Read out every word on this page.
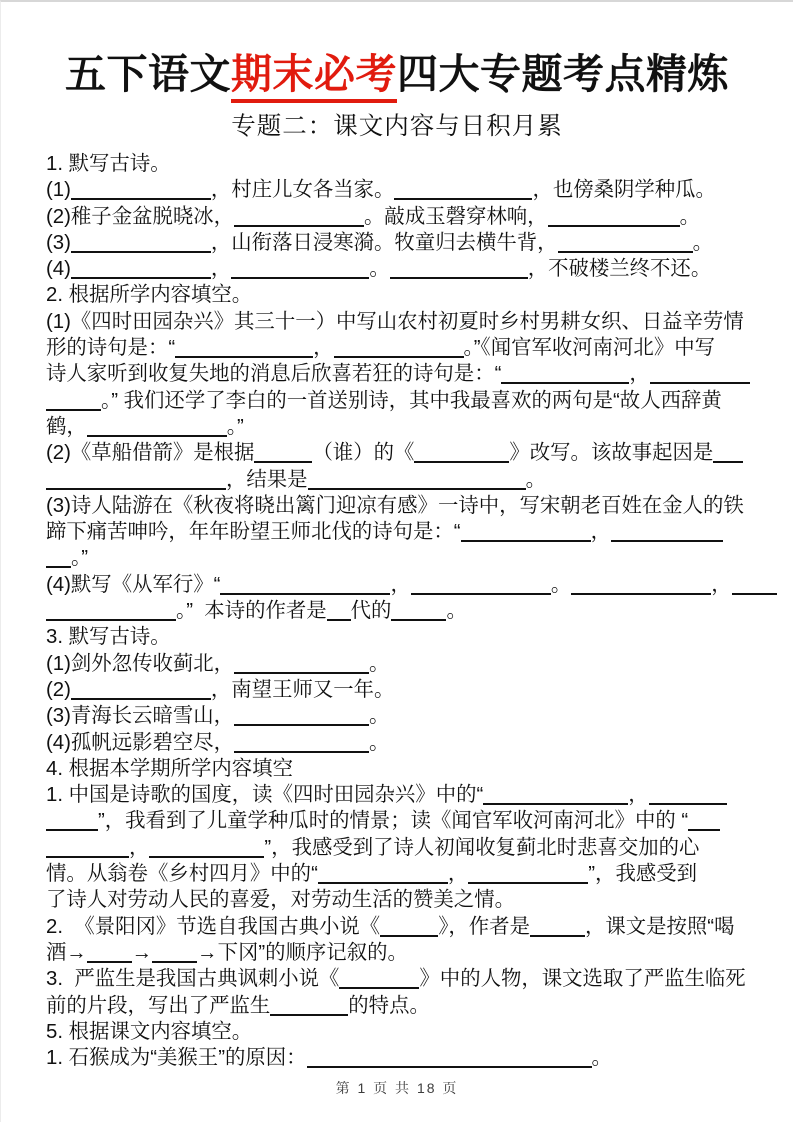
五下语文期末必考四大专题考点精炼
专题二：课文内容与日积月累
1. 默写古诗。
(1)	，村庄儿女各当家。	，也傍桑阴学种瓜。
(2)稚子金盆脱晓冰，	。敲成玉磬穿林响，	。
(3)	，山衔落日浸寒漪。牧童归去横牛背，	。
(4)	，	。	，不破楼兰终不还。
2. 根据所学内容填空。
(1)《四时田园杂兴》其三十一）中写山农村初夏时乡村男耕女织、日益辛劳情
形的诗句是：“	，	。”《闻官军收河南河北》中写
诗人家听到收复失地的消息后欣喜若狂的诗句是：“	，
。” 我们还学了李白的一首送别诗，其中我最喜欢的两句是“故人西辞黄
鹤，	。”
(2)《草船借箭》是根据	（谁）的《	》改写。该故事起因是
，结果是	。
(3)诗人陆游在《秋夜将晓出篱门迎凉有感》一诗中，写宋朝老百姓在金人的铁
蹄下痛苦呻吟，年年盼望王师北伐的诗句是：“	，
。”
(4)默写《从军行》“	，	。	，
。”  本诗的作者是 代的	。
3. 默写古诗。
(1)剑外忽传收蓟北，	。
(2)	，南望王师又一年。
(3)青海长云暗雪山，	。
(4)孤帆远影碧空尽，	。
4. 根据本学期所学内容填空
1. 中国是诗歌的国度，读《四时田园杂兴》中的“	，
”，我看到了儿童学种瓜时的情景；读《闻官军收河南河北》中的 “
，	”，我感受到了诗人初闻收复蓟北时悲喜交加的心
情。从翁卷《乡村四月》中的“	，	”，我感受到
了诗人对劳动人民的喜爱，对劳动生活的赞美之情。
2.  《景阳冈》节选自我国古典小说《	》，作者是	，课文是按照“喝
酒→ → →下冈”的顺序记叙的。
3.  严监生是我国古典讽刺小说《	》中的人物，课文选取了严监生临死
前的片段，写出了严监生	的特点。
5. 根据课文内容填空。
1. 石猴成为“美猴王”的原因：	。
第 1 页 共 18 页
